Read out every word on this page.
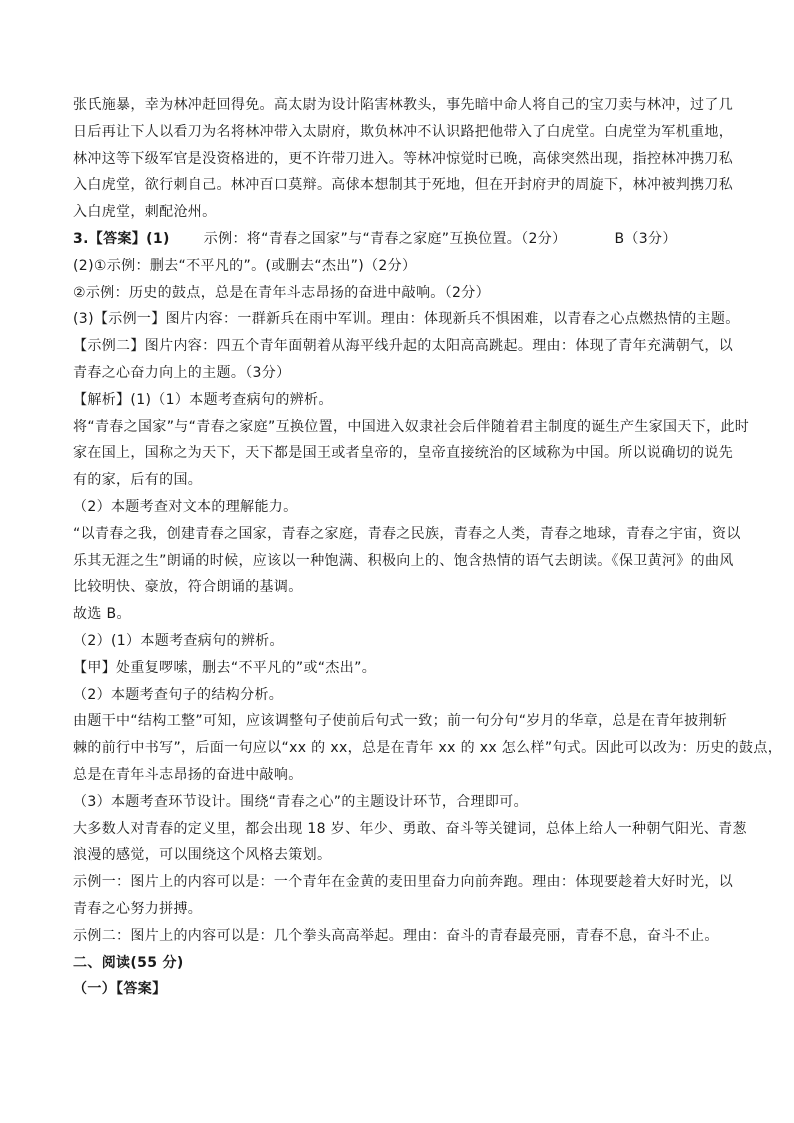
张氏施暴，幸为林冲赶回得免。高太尉为设计陷害林教头，事先暗中命人将自己的宝刀卖与林冲，过了几
日后再让下人以看刀为名将林冲带入太尉府，欺负林冲不认识路把他带入了白虎堂。白虎堂为军机重地，
林冲这等下级军官是没资格进的，更不许带刀进入。等林冲惊觉时已晚，高俅突然出现，指控林冲携刀私
入白虎堂，欲行刺自己。林冲百口莫辩。高俅本想制其于死地，但在开封府尹的周旋下，林冲被判携刀私
入白虎堂，刺配沧州。
3.【答案】(1) 示例：将“青春之国家”与“青春之家庭”互换位置。（2分）	B（3分）
(2)①示例：删去“不平凡的”。(或删去“杰出”)（2分）
②示例：历史的鼓点，总是在青年斗志昂扬的奋进中敲响。（2分）
(3)【示例一】图片内容：一群新兵在雨中军训。理由：体现新兵不惧困难，以青春之心点燃热情的主题。
【示例二】图片内容：四五个青年面朝着从海平线升起的太阳高高跳起。理由：体现了青年充满朝气，以
青春之心奋力向上的主题。（3分）
【解析】(1)（1）本题考查病句的辨析。
将“青春之国家”与“青春之家庭”互换位置，中国进入奴隶社会后伴随着君主制度的诞生产生家国天下，此时
家在国上，国称之为天下，天下都是国王或者皇帝的，皇帝直接统治的区域称为中国。所以说确切的说先
有的家，后有的国。
（2）本题考查对文本的理解能力。
“以青春之我，创建青春之国家，青春之家庭，青春之民族，青春之人类，青春之地球，青春之宇宙，资以
乐其无涯之生”朗诵的时候，应该以一种饱满、积极向上的、饱含热情的语气去朗读。《保卫黄河》的曲风
比较明快、豪放，符合朗诵的基调。
故选 B。
（2）(1）本题考查病句的辨析。
【甲】处重复啰嗦，删去“不平凡的”或“杰出”。
（2）本题考查句子的结构分析。
由题干中“结构工整”可知，应该调整句子使前后句式一致；前一句分句“岁月的华章，总是在青年披荆斩
棘的前行中书写”，后面一句应以“xx 的 xx，总是在青年 xx 的 xx 怎么样”句式。因此可以改为：历史的鼓点，
总是在青年斗志昂扬的奋进中敲响。
（3）本题考查环节设计。围绕“青春之心”的主题设计环节，合理即可。
大多数人对青春的定义里，都会出现 18 岁、年少、勇敢、奋斗等关键词，总体上给人一种朝气阳光、青葱
浪漫的感觉，可以围绕这个风格去策划。
示例一：图片上的内容可以是：一个青年在金黄的麦田里奋力向前奔跑。理由：体现要趁着大好时光，以
青春之心努力拼搏。
示例二：图片上的内容可以是：几个拳头高高举起。理由：奋斗的青春最亮丽，青春不息，奋斗不止。
二、阅读(55 分)
（一）【答案】
